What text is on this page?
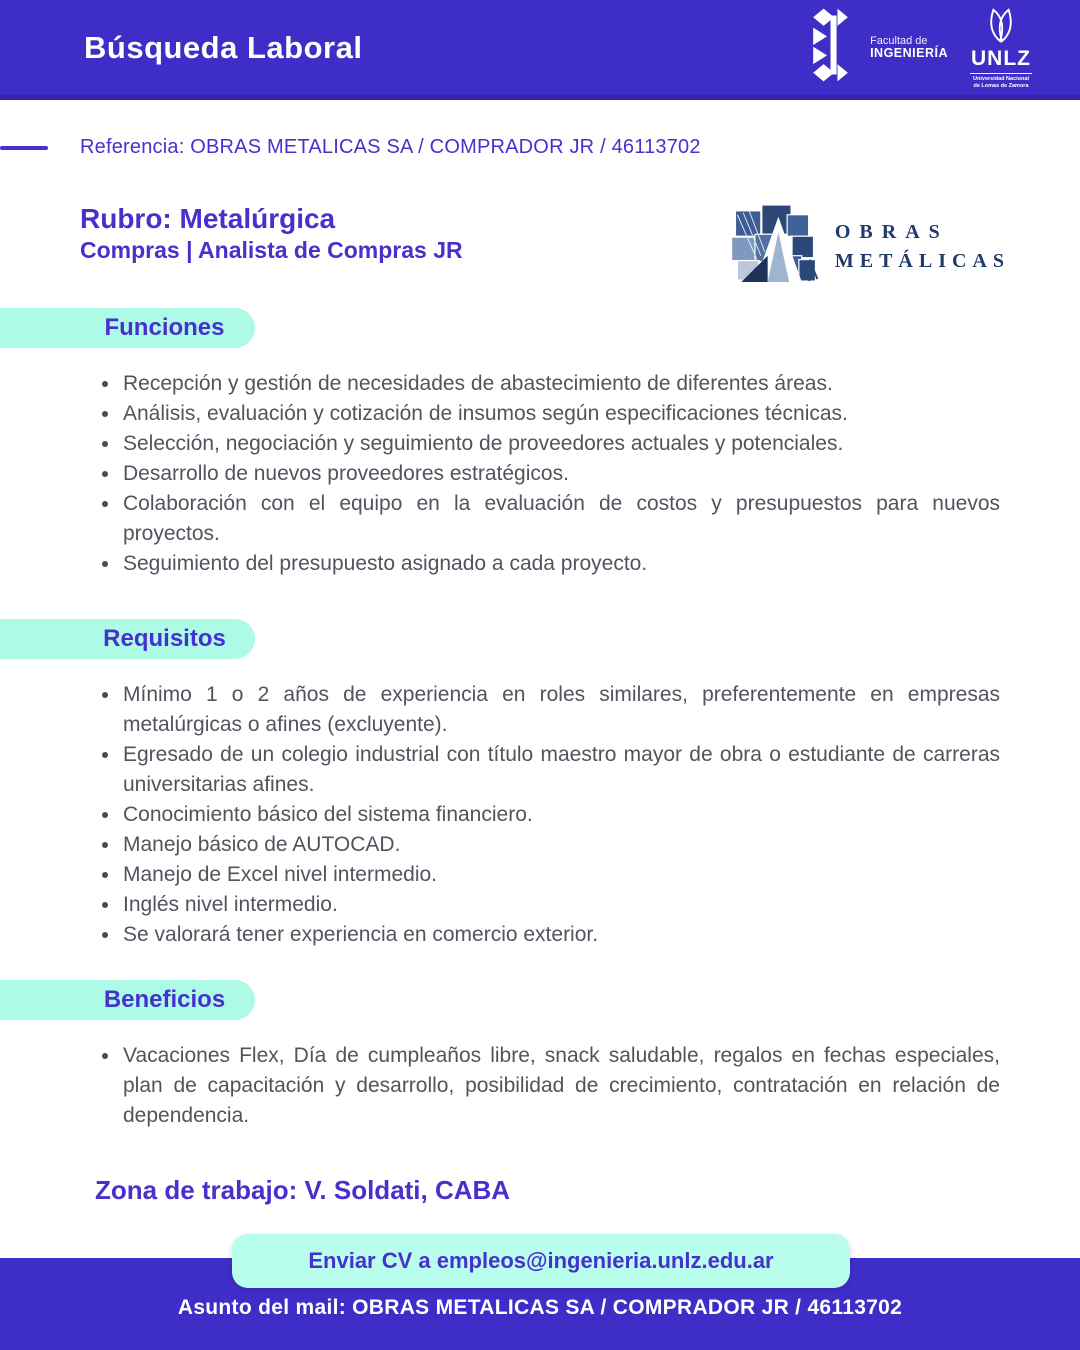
Búsqueda Laboral	Facultad de
INGENIERÍA UNLZ
Universidad Nacional de Lomas de Zamora
Referencia: OBRAS METALICAS SA / COMPRADOR JR / 46113702
Rubro: Metalúrgica
Compras | Analista de Compras JR
OBRAS
METÁLICAS
Funciones
Recepción y gestión de necesidades de abastecimiento de diferentes áreas.
Análisis, evaluación y cotización de insumos según especificaciones técnicas.
Selección, negociación y seguimiento de proveedores actuales y potenciales.
Desarrollo de nuevos proveedores estratégicos.
Colaboración con el equipo en la evaluación de costos y presupuestos para nuevos proyectos.
Seguimiento del presupuesto asignado a cada proyecto.
Requisitos
Mínimo 1 o 2 años de experiencia en roles similares, preferentemente en empresas metalúrgicas o afines (excluyente).
Egresado de un colegio industrial con título maestro mayor de obra o estudiante de carreras universitarias afines.
Conocimiento básico del sistema financiero.
Manejo básico de AUTOCAD.
Manejo de Excel nivel intermedio.
Inglés nivel intermedio.
Se valorará tener experiencia en comercio exterior.
Beneficios
Vacaciones Flex, Día de cumpleaños libre, snack saludable, regalos en fechas especiales, plan de capacitación y desarrollo, posibilidad de crecimiento, contratación en relación de dependencia.
Zona de trabajo: V. Soldati, CABA
Enviar CV a empleos@ingenieria.unlz.edu.ar
Asunto del mail: OBRAS METALICAS SA / COMPRADOR JR / 46113702
